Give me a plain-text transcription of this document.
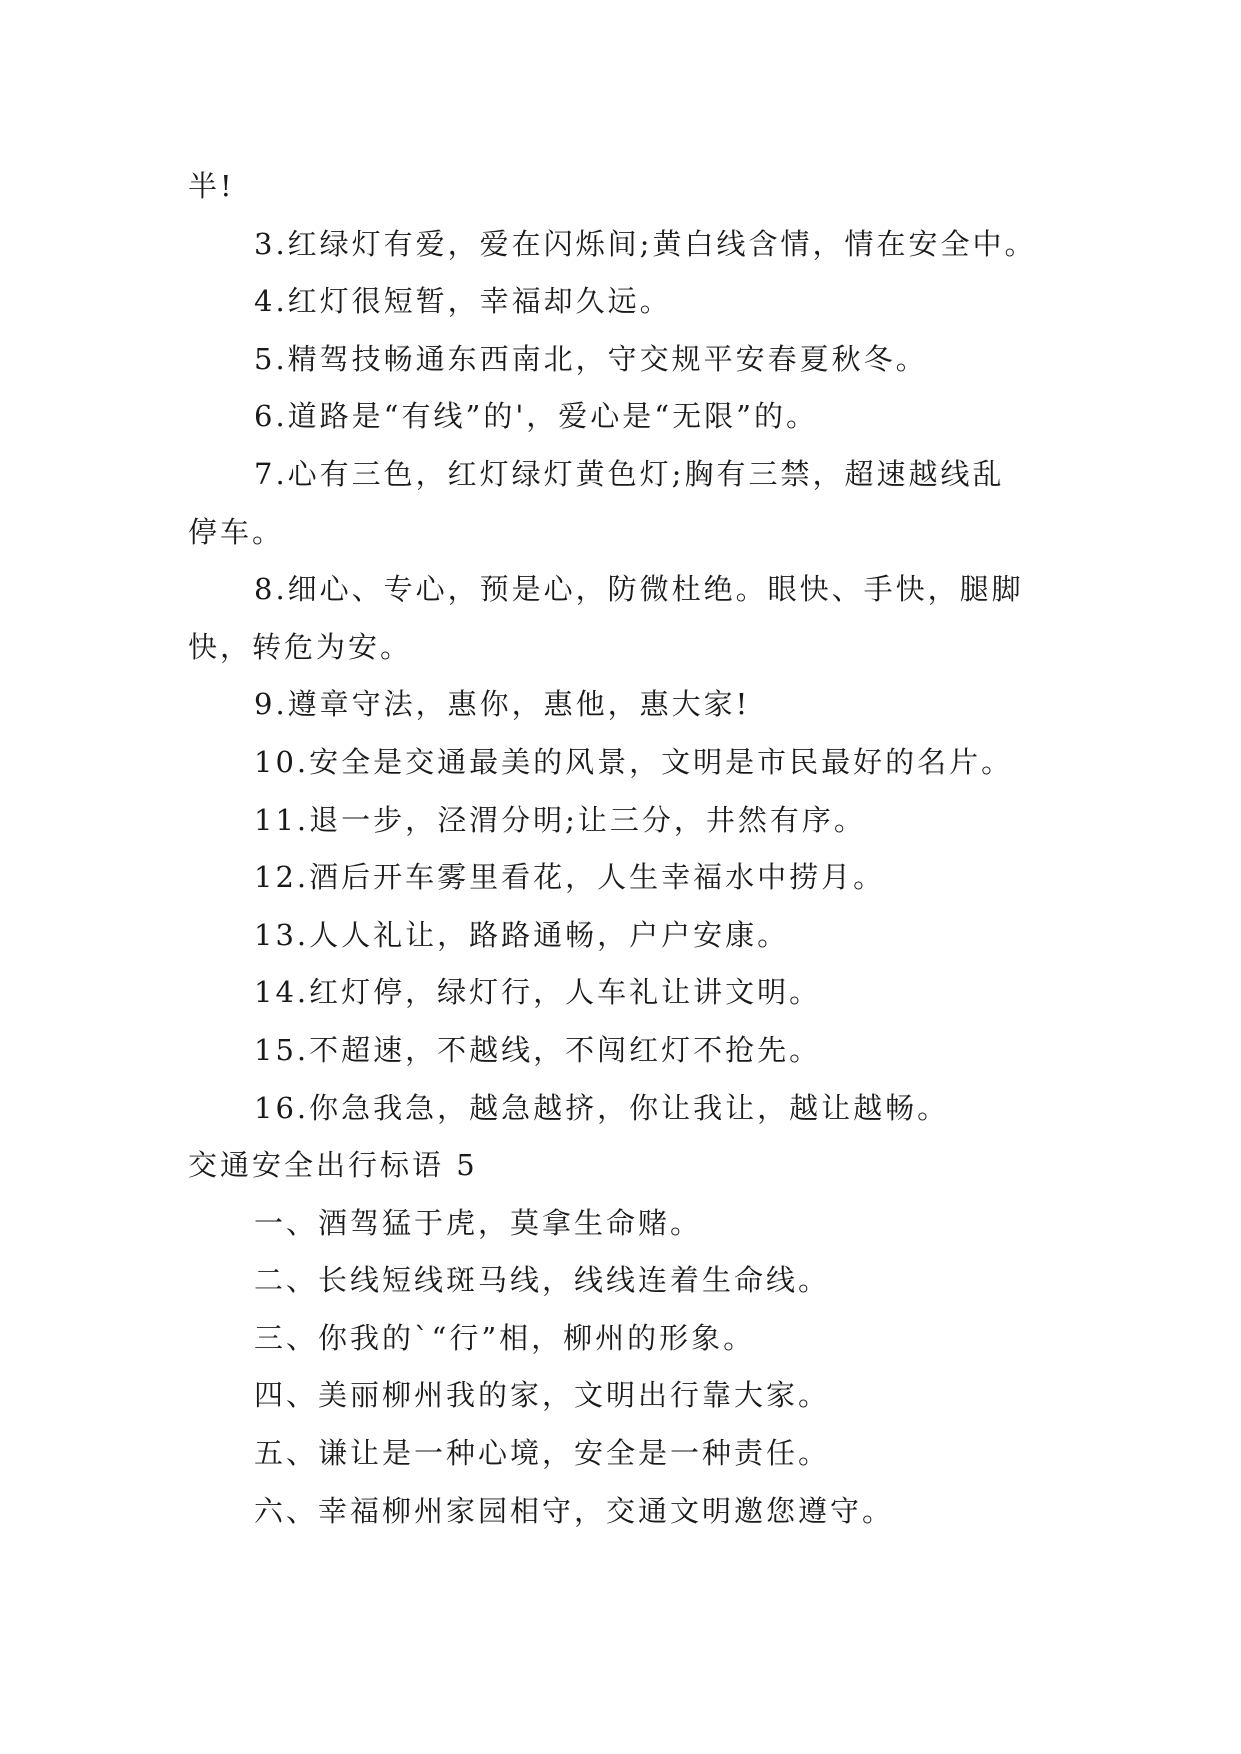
半!
3.红绿灯有爱，爱在闪烁间;黄白线含情，情在安全中。
4.红灯很短暂，幸福却久远。
5.精驾技畅通东西南北，守交规平安春夏秋冬。
6.道路是“有线”的'，爱心是“无限”的。
7.心有三色，红灯绿灯黄色灯;胸有三禁，超速越线乱
停车。
8.细心、专心，预是心，防微杜绝。眼快、手快，腿脚
快，转危为安。
9.遵章守法，惠你，惠他，惠大家!
10.安全是交通最美的风景，文明是市民最好的名片。
11.退一步，泾渭分明;让三分，井然有序。
12.酒后开车雾里看花，人生幸福水中捞月。
13.人人礼让，路路通畅，户户安康。
14.红灯停，绿灯行，人车礼让讲文明。
15.不超速，不越线，不闯红灯不抢先。
16.你急我急，越急越挤，你让我让，越让越畅。
交通安全出行标语 5
一、酒驾猛于虎，莫拿生命赌。
二、长线短线斑马线，线线连着生命线。
三、你我的`“行”相，柳州的形象。
四、美丽柳州我的家，文明出行靠大家。
五、谦让是一种心境，安全是一种责任。
六、幸福柳州家园相守，交通文明邀您遵守。
